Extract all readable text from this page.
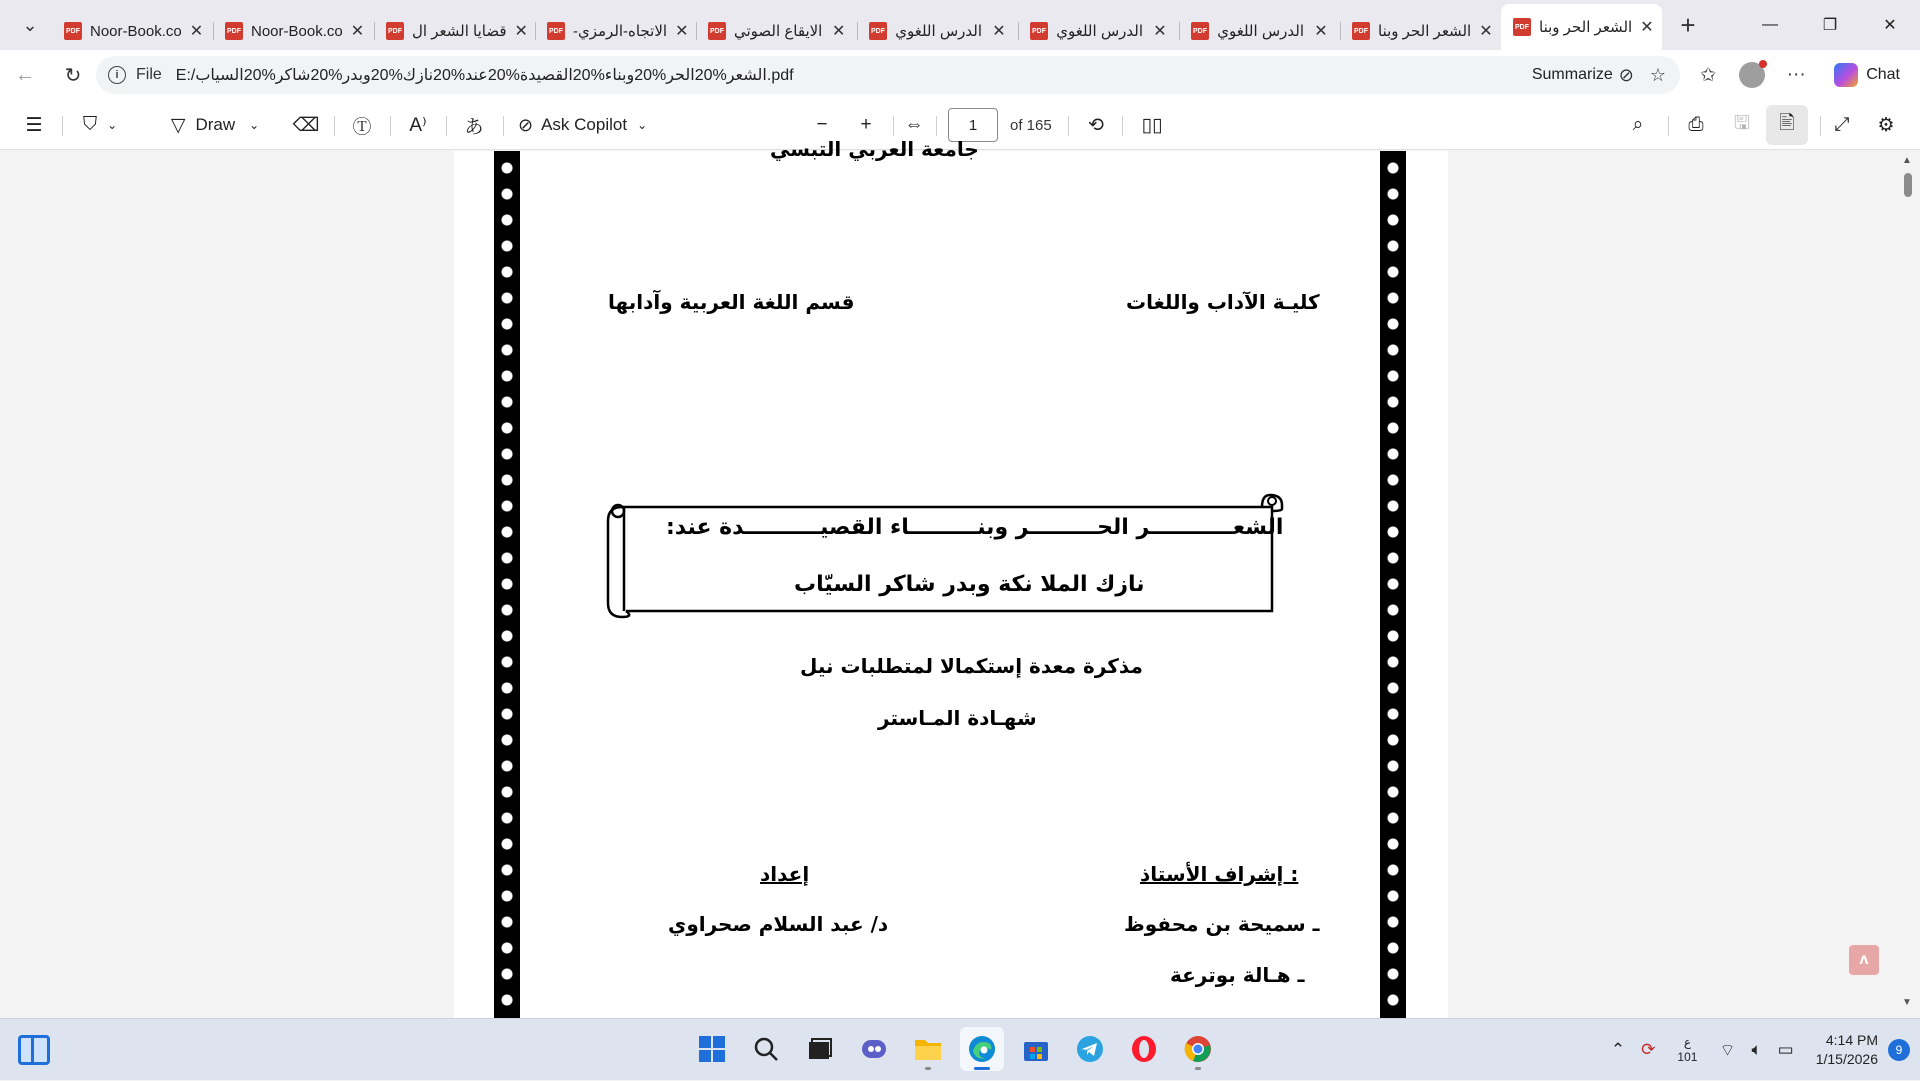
⌄	PDF Noor-Book.co ✕	PDF Noor-Book.co ✕	PDF قضايا الشعر ال ✕	PDF الاتجاه-الرمزي- ✕	PDF الايقاع الصوتي ✕	PDF الدرس اللغوي ✕	PDF الدرس اللغوي ✕	PDF الدرس اللغوي ✕	PDF الشعر الحر وبنا ✕	PDF الشعر الحر وبنا ✕	+	—	❐	✕
←	↻	i	File E:/الشعر%20الحر%20وبناء%20القصيدة%20عند%20نازك%20وبدر%20شاكر%20السياب.pdf	Summarize ⊘ ☆	✩	···	Chat
☰	⛉ ⌄	▽ Draw ⌄ ⌫	Ⓣ	A⁾	あ	⊘ Ask Copilot ⌄	−	+	⇔	1	of 165	⟲	▯▯	⌕	⎙	🖫	🖹	⤢	⚙
جامعة العربي التبسي
كليـة الآداب واللغات
قسم اللغة العربية وآدابها
الشعـــــــــــر الحـــــــــر وبنـــــــــاء القصيــــــــــدة عند:
نازك الملا نكة وبدر شاكر السيّاب
مذكرة معدة إستكمالا لمتطلبات نيل
شهـادة المـاستر
: إشراف الأستاذ
إعداد
ـ سميحة بن محفوظ
د/ عبد السلام صحراوي
ـ هـالة بوترعة
ᴧ
▲
▼
⌃ ⟳	ع
101 ⌔ 🔈︎ ▭	4:14 PM
1/15/2026
9
